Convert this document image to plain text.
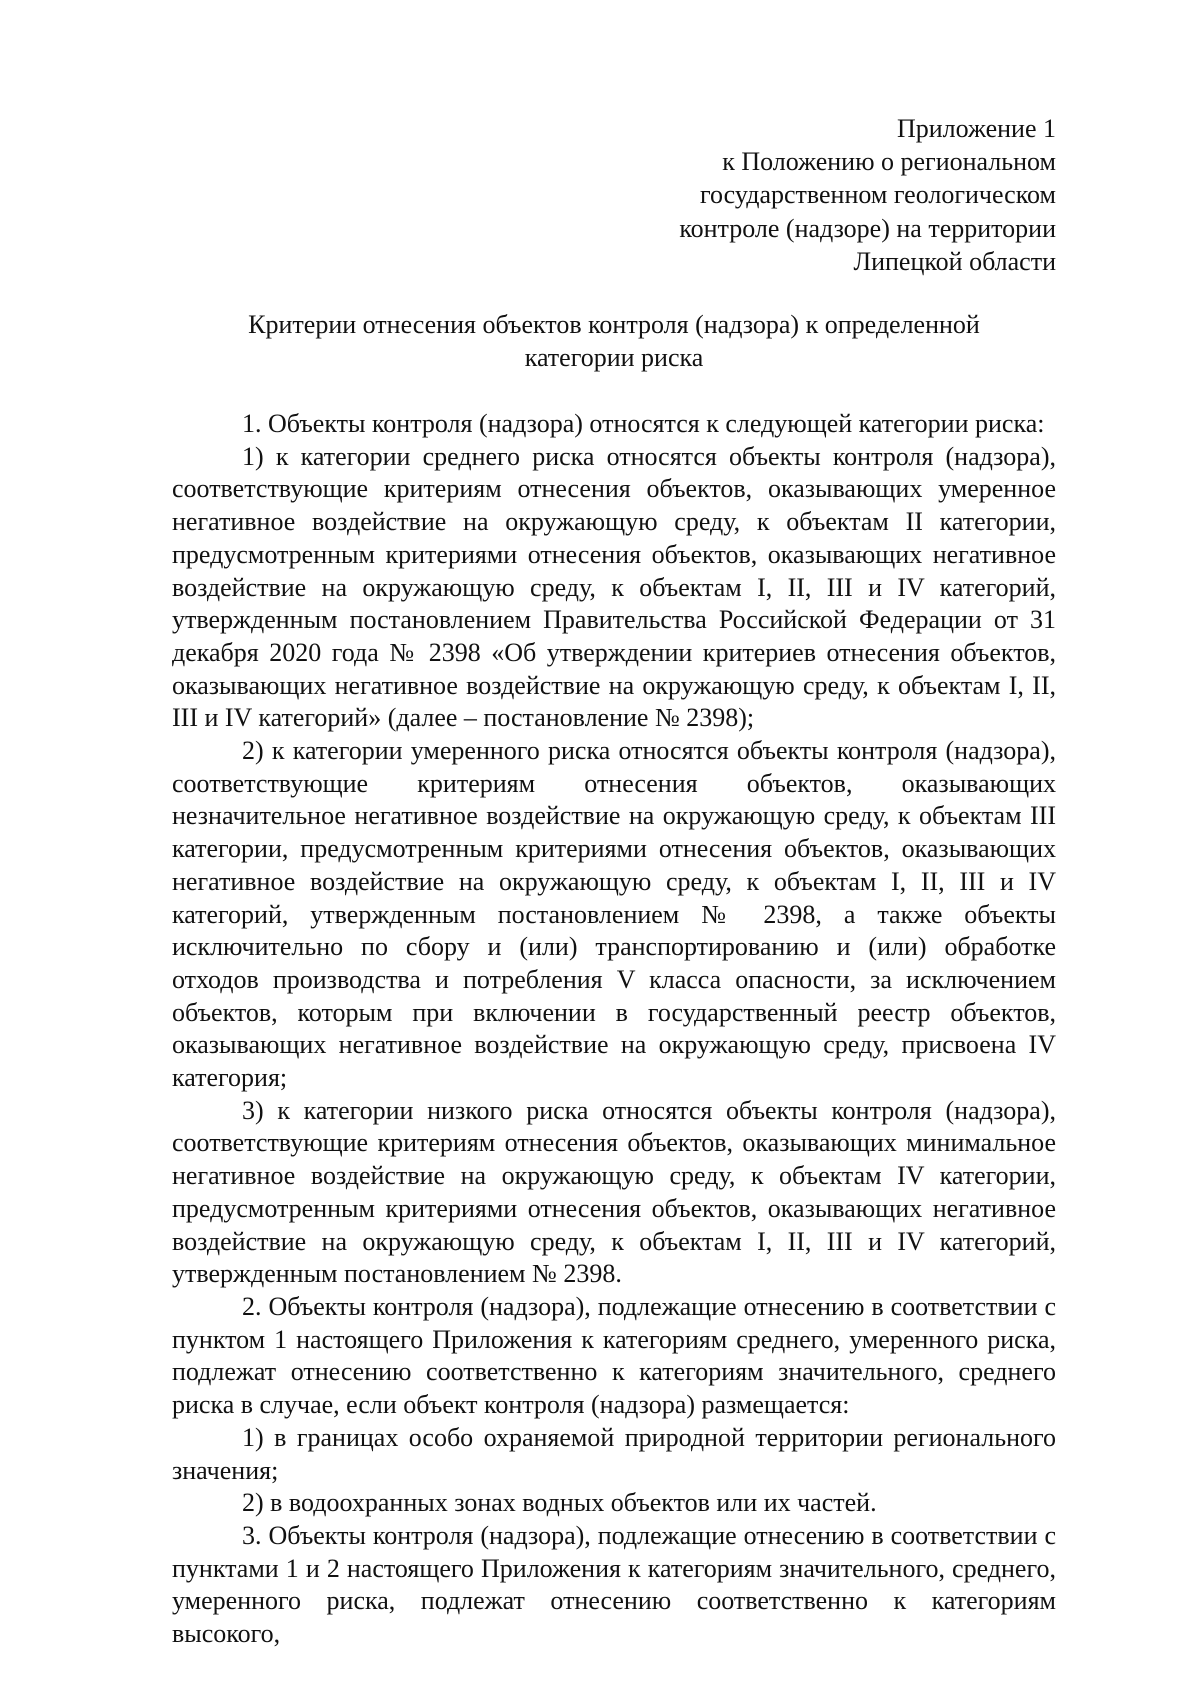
Приложение 1
к Положению о региональном
государственном геологическом
контроле (надзоре) на территории
Липецкой области
Критерии отнесения объектов контроля (надзора) к определенной
категории риска

1. Объекты контроля (надзора) относятся к следующей категории риска:

1) к категории среднего риска относятся объекты контроля (надзора), соответствующие критериям отнесения объектов, оказывающих умеренное негативное воздействие на окружающую среду, к объектам II категории, предусмотренным критериями отнесения объектов, оказывающих негативное воздействие на окружающую среду, к объектам I, II, III и IV категорий, утвержденным постановлением Правительства Российской Федерации от 31 декабря 2020 года № 2398 «Об утверждении критериев отнесения объектов, оказывающих негативное воздействие на окружающую среду, к объектам I, II, III и IV категорий» (далее – постановление № 2398);

2) к категории умеренного риска относятся объекты контроля (надзора), соответствующие критериям отнесения объектов, оказывающих незначительное негативное воздействие на окружающую среду, к объектам III категории, предусмотренным критериями отнесения объектов, оказывающих негативное воздействие на окружающую среду, к объектам I, II, III и IV категорий, утвержденным постановлением № 2398, а также объекты исключительно по сбору и (или) транспортированию и (или) обработке отходов производства и потребления V класса опасности, за исключением объектов, которым при включении в государственный реестр объектов, оказывающих негативное воздействие на окружающую среду, присвоена IV категория;

3) к категории низкого риска относятся объекты контроля (надзора), соответствующие критериям отнесения объектов, оказывающих минимальное негативное воздействие на окружающую среду, к объектам IV категории, предусмотренным критериями отнесения объектов, оказывающих негативное воздействие на окружающую среду, к объектам I, II, III и IV категорий, утвержденным постановлением № 2398.

2. Объекты контроля (надзора), подлежащие отнесению в соответствии с пунктом 1 настоящего Приложения к категориям среднего, умеренного риска, подлежат отнесению соответственно к категориям значительного, среднего риска в случае, если объект контроля (надзора) размещается:

1) в границах особо охраняемой природной территории регионального значения;

2) в водоохранных зонах водных объектов или их частей.

3. Объекты контроля (надзора), подлежащие отнесению в соответствии с пунктами 1 и 2 настоящего Приложения к категориям значительного, среднего, умеренного риска, подлежат отнесению соответственно к категориям высокого,
